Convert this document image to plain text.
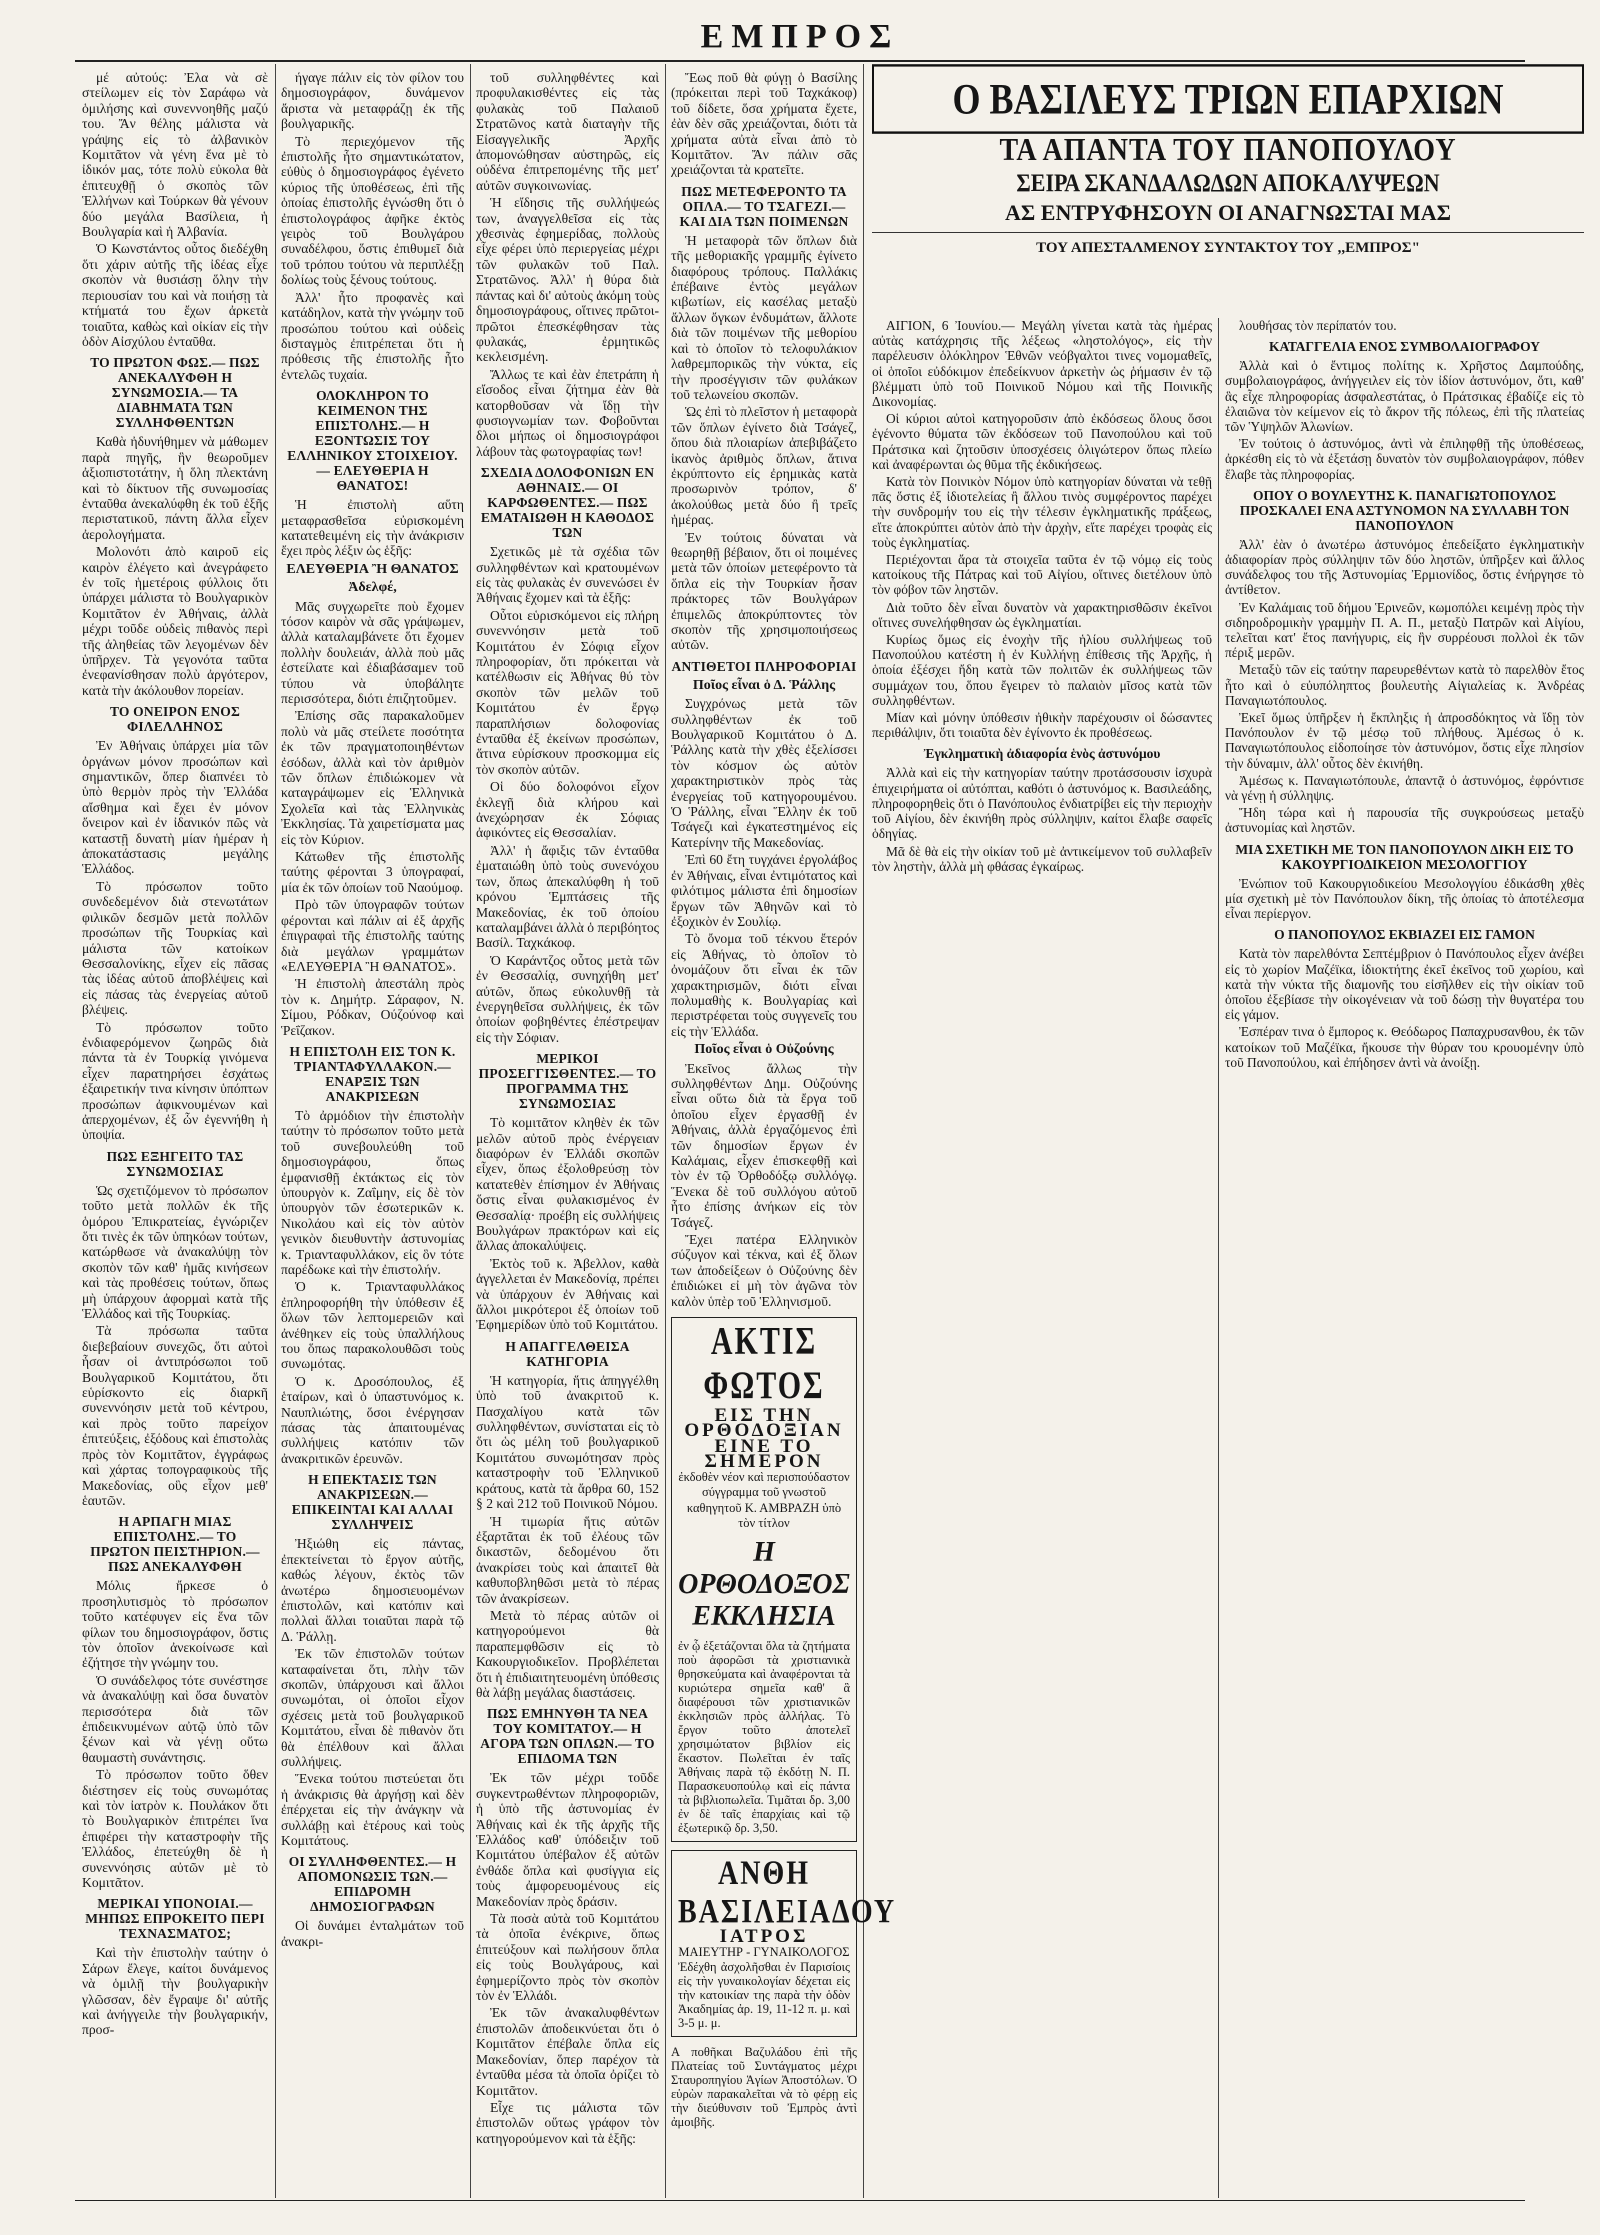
ΕΜΠΡΟΣ

μέ αὐτούς: Ἐλα νὰ σὲ στείλωμεν εἰς τὸν Σαράφω νὰ ὁμιλήσης καὶ συνεννοηθῆς μαζύ του. Ἄν θέλης μάλιστα νὰ γράψης εἰς τὸ ἀλβανικὸν Κομιτᾶτον νὰ γένη ἕνα μὲ τὸ ἰδικόν μας, τότε πολὺ εὐκολα θὰ ἐπιτευχθῇ ὁ σκοπὸς τῶν Ἑλλήνων καὶ Τούρκων θὰ γένουν δύο μεγάλα Βασίλεια, ἡ Βουλγαρία καὶ ἡ Ἀλβανία.

Ὁ Κωνστάντος οὗτος διεδέχθη ὅτι χάριν αὐτῆς τῆς ἰδέας εἶχε σκοπὸν νὰ θυσιάσῃ ὅλην τὴν περιουσίαν του καὶ νὰ ποιήσῃ τὰ κτήματά του ἔχων ἀρκετὰ τοιαῦτα, καθὼς καὶ οἰκίαν εἰς τὴν ὁδὸν Αἰσχύλου ἐνταῦθα.

ΤΟ ΠΡΩΤΟΝ ΦΩΣ.— ΠΩΣ ΑΝΕΚΑΛΥΦΘΗ Η ΣΥΝΩΜΟΣΙΑ.— ΤΑ ΔΙΑΒΗΜΑΤΑ ΤΩΝ ΣΥΛΛΗΦΘΕΝΤΩΝ

Καθὰ ἠδυνήθημεν νὰ μάθωμεν παρὰ πηγῆς, ἣν θεωροῦμεν ἀξιοπιστοτάτην, ἡ ὅλη πλεκτάνη καὶ τὸ δίκτυον τῆς συνωμοσίας ἐνταῦθα ἀνεκαλύφθη ἐκ τοῦ ἑξῆς περιστατικοῦ, πάντη ἄλλα εἶχεν ἀερολογήματα.

Μολονότι ἀπὸ καιροῦ εἰς καιρὸν ἐλέγετο καὶ ἀνεγράφετο ἐν τοῖς ἡμετέροις φύλλοις ὅτι ὑπάρχει μάλιστα τὸ Βουλγαρικὸν Κομιτᾶτον ἐν Ἀθήναις, ἀλλὰ μέχρι τοῦδε οὐδεὶς πιθανὸς περὶ τῆς ἀληθείας τῶν λεγομένων δὲν ὑπῆρχεν. Τὰ γεγονότα ταῦτα ἐνεφανίσθησαν πολὺ ἀργότερον, κατὰ τὴν ἀκόλουθον πορείαν.

ΤΟ ΟΝΕΙΡΟΝ ΕΝΟΣ ΦΙΛΕΛΛΗΝΟΣ

Ἐν Ἀθήναις ὑπάρχει μία τῶν ὀργάνων μόνον προσώπων καὶ σημαντικῶν, ὅπερ διαπνέει τὸ ὑπὸ θερμὸν πρὸς τὴν Ἑλλάδα αἴσθημα καὶ ἔχει ἐν μόνον ὄνειρον καὶ ἐν ἰδανικόν πῶς νὰ καταστῇ δυνατὴ μίαν ἡμέραν ἡ ἀποκατάστασις μεγάλης Ἑλλάδος.

Τὸ πρόσωπον τοῦτο συνδεδεμένον διὰ στενωτάτων φιλικῶν δεσμῶν μετὰ πολλῶν προσώπων τῆς Τουρκίας καὶ μάλιστα τῶν κατοίκων Θεσσαλονίκης, εἶχεν εἰς πᾶσας τὰς ἰδέας αὐτοῦ ἀποβλέψεις καὶ εἰς πάσας τὰς ἐνεργείας αὐτοῦ βλέψεις.

Τὸ πρόσωπον τοῦτο ἐνδιαφερόμενον ζωηρῶς διὰ πάντα τὰ ἐν Τουρκίᾳ γινόμενα εἶχεν παρατηρήσει ἐσχάτως ἐξαιρετικήν τινα κίνησιν ὑπόπτων προσώπων ἀφικνουμένων καὶ ἀπερχομένων, ἐξ ὧν ἐγεννήθη ἡ ὑποψία.

ΠΩΣ ΕΞΗΓΕΙΤΟ ΤΑΣ ΣΥΝΩΜΟΣΙΑΣ

Ὡς σχετιζόμενον τὸ πρόσωπον τοῦτο μετὰ πολλῶν ἐκ τῆς ὁμόρου Ἐπικρατείας, ἐγνώριζεν ὅτι τινὲς ἐκ τῶν ὑπηκόων τούτων, κατώρθωσε νὰ ἀνακαλύψῃ τὸν σκοπὸν τῶν καθ' ἡμᾶς κινήσεων καὶ τὰς προθέσεις τούτων, ὅπως μὴ ὑπάρχουν ἀφορμαὶ κατὰ τῆς Ἑλλάδος καὶ τῆς Τουρκίας.

Τὰ πρόσωπα ταῦτα διεβεβαίουν συνεχῶς, ὅτι αὐτοὶ ἦσαν οἱ ἀντιπρόσωποι τοῦ Βουλγαρικοῦ Κομιτάτου, ὅτι εὑρίσκοντο εἰς διαρκῆ συνεννόησιν μετὰ τοῦ κέντρου, καὶ πρὸς τοῦτο παρείχον ἐπιτεύξεις, ἐξόδους καὶ ἐπιστολὰς πρὸς τὸν Κομιτᾶτον, ἐγγράφως καὶ χάρτας τοπογραφικοὺς τῆς Μακεδονίας, οὓς εἶχον μεθ' ἑαυτῶν.

Η ΑΡΠΑΓΗ ΜΙΑΣ ΕΠΙΣΤΟΛΗΣ.— ΤΟ ΠΡΩΤΟΝ ΠΕΙΣΤΗΡΙΟΝ.— ΠΩΣ ΑΝΕΚΑΛΥΦΘΗ

Μόλις ἤρκεσε ὁ προσηλυτισμὸς τὸ πρόσωπον τοῦτο κατέφυγεν εἰς ἕνα τῶν φίλων του δημοσιογράφον, ὅστις τὸν ὁποῖον ἀνεκοίνωσε καὶ ἐζήτησε τὴν γνώμην του.

Ὁ συνάδελφος τότε συνέστησε νὰ ἀνακαλύψῃ καὶ ὅσα δυνατὸν περισσότερα διὰ τῶν ἐπιδεικνυμένων αὐτῷ ὑπὸ τῶν ξένων καὶ νὰ γένῃ οὕτω θαυμαστὴ συνάντησις.

Τὸ πρόσωπον τοῦτο ὅθεν διέστησεν εἰς τοὺς συνωμότας καὶ τὸν ἰατρὸν κ. Πουλάκον ὅτι τὸ Βουλγαρικὸν ἐπιτρέπει ἵνα ἐπιφέρει τὴν καταστροφὴν τῆς Ἑλλάδος, ἐπετεύχθη δὲ ἡ συνεννόησις αὐτῶν μὲ τὸ Κομιτᾶτον.

ΜΕΡΙΚΑΙ ΥΠΟΝΟΙΑΙ.— ΜΗΠΩΣ ΕΠΡΟΚΕΙΤΟ ΠΕΡΙ ΤΕΧΝΑΣΜΑΤΟΣ;

Καὶ τὴν ἐπιστολὴν ταύτην ὁ Σάρων ἔλεγε, καίτοι δυνάμενος νὰ ὁμιλῇ τὴν βουλγαρικὴν γλῶσσαν, δὲν ἔγραψε δι' αὐτῆς καὶ ἀνήγγειλε τὴν βουλγαρικήν, προσ-

ήγαγε πάλιν εἰς τὸν φίλον του δημοσιογράφον, δυνάμενον ἄριστα νὰ μεταφράζῃ ἐκ τῆς βουλγαρικῆς.

Τὸ περιεχόμενον τῆς ἐπιστολῆς ἦτο σημαντικώτατον, εὐθὺς ὁ δημοσιογράφος ἐγένετο κύριος τῆς ὑποθέσεως, ἐπὶ τῆς ὁποίας ἐπιστολῆς ἐγνώσθη ὅτι ὁ ἐπιστολογράφος ἀφῆκε ἐκτὸς γειρὸς τοῦ Βουλγάρου συναδέλφου, ὅστις ἐπιθυμεῖ διὰ τοῦ τρόπου τούτου νὰ περιπλέξῃ δολίως τοὺς ξένους τούτους.

Ἀλλ' ἦτο προφανὲς καὶ κατάδηλον, κατὰ τὴν γνώμην τοῦ προσώπου τούτου καὶ οὐδεὶς δισταγμὸς ἐπιτρέπεται ὅτι ἡ πρόθεσις τῆς ἐπιστολῆς ἦτο ἐντελῶς τυχαία.

ΟΛΟΚΛΗΡΟΝ ΤΟ ΚΕΙΜΕΝΟΝ ΤΗΣ ΕΠΙΣΤΟΛΗΣ.— Η ΕΞΟΝΤΩΣΙΣ ΤΟΥ ΕΛΛΗΝΙΚΟΥ ΣΤΟΙΧΕΙΟΥ.— ΕΛΕΥΘΕΡΙΑ Η ΘΑΝΑΤΟΣ!

Ἡ ἐπιστολὴ αὕτη μεταφρασθεῖσα εὐρισκομένη κατατεθειμένη εἰς τὴν ἀνάκρισιν ἔχει πρὸς λέξιν ὡς ἑξῆς:

ΕΛΕΥΘΕΡΙΑ Ἢ ΘΑΝΑΤΟΣ
Ἀδελφέ,

Μᾶς συγχωρεῖτε ποὺ ἔχομεν τόσον καιρὸν νὰ σᾶς γράψωμεν, ἀλλὰ καταλαμβάνετε ὅτι ἔχομεν πολλὴν δουλειάν, ἀλλὰ ποὺ μᾶς ἐστείλατε καὶ ἐδιαβάσαμεν τοῦ τύπου νὰ ὑποβάλητε περισσότερα, διότι ἐπιζητοῦμεν.

Ἐπίσης σᾶς παρακαλοῦμεν πολὺ νὰ μᾶς στείλετε ποσότητα ἐκ τῶν πραγματοποιηθέντων ἐσόδων, ἀλλὰ καὶ τὸν ἀριθμὸν τῶν ὅπλων ἐπιδιώκομεν νὰ καταγράψωμεν εἰς Ἑλληνικὰ Σχολεῖα καὶ τὰς Ἑλληνικὰς Ἐκκλησίας. Τὰ χαιρετίσματα μας εἰς τὸν Κύριον.

Κάτωθεν τῆς ἐπιστολῆς ταύτης φέρονται 3 ὑπογραφαί, μία ἐκ τῶν ὁποίων τοῦ Ναούμοφ.

Πρὸ τῶν ὑπογραφῶν τούτων φέρονται καὶ πάλιν αἱ ἐξ ἀρχῆς ἐπιγραφαὶ τῆς ἐπιστολῆς ταύτης διὰ μεγάλων γραμμάτων «ΕΛΕΥΘΕΡΙΑ Ἢ ΘΑΝΑΤΟΣ».

Ἡ ἐπιστολὴ ἀπεστάλη πρὸς τὸν κ. Δημήτρ. Σάραφον, Ν. Σίμου, Ρόδκαν, Ούζούνοφ καὶ Ῥεΐζακον.

Η ΕΠΙΣΤΟΛΗ ΕΙΣ ΤΟΝ Κ. ΤΡΙΑΝΤΑΦΥΛΛΑΚΟΝ.— ΕΝΑΡΞΙΣ ΤΩΝ ΑΝΑΚΡΙΣΕΩΝ

Τὸ ἀρμόδιον τὴν ἐπιστολὴν ταύτην τὸ πρόσωπον τοῦτο μετὰ τοῦ συνεβουλεύθη τοῦ δημοσιογράφου, ὅπως ἐμφανισθῇ ἐκτάκτως εἰς τὸν ὑπουργὸν κ. Ζαΐμην, εἰς δὲ τὸν ὑπουργὸν τῶν ἐσωτερικῶν κ. Νικολάου καὶ εἰς τὸν αὐτὸν γενικὸν διευθυντὴν ἀστυνομίας κ. Τριανταφυλλάκον, εἰς ὃν τότε παρέδωκε καὶ τὴν ἐπιστολήν.

Ὁ κ. Τριανταφυλλάκος ἐπληροφορήθη τὴν ὑπόθεσιν ἐξ ὅλων τῶν λεπτομερειῶν καὶ ἀνέθηκεν εἰς τοὺς ὑπαλλήλους του ὅπως παρακολουθῶσι τοὺς συνωμότας.

Ὁ κ. Δροσόπουλος, ἐξ ἑταίρων, καὶ ὁ ὑπαστυνόμος κ. Ναυπλιώτης, ὅσοι ἐνέργησαν πάσας τὰς ἀπαιτουμένας συλλήψεις κατόπιν τῶν ἀνακριτικῶν ἐρευνῶν.

Η ΕΠΕΚΤΑΣΙΣ ΤΩΝ ΑΝΑΚΡΙΣΕΩΝ.— ΕΠΙΚΕΙΝΤΑΙ ΚΑΙ ΑΛΛΑΙ ΣΥΛΛΗΨΕΙΣ

Ἠξιώθη εἰς πάντας, ἐπεκτείνεται τὸ ἔργον αὐτῆς, καθώς λέγουν, ἐκτὸς τῶν ἀνωτέρω δημοσιευομένων ἐπιστολῶν, καὶ κατόπιν καὶ πολλαὶ ἄλλαι τοιαῦται παρὰ τῷ Δ. Ῥάλλῃ.

Ἐκ τῶν ἐπιστολῶν τούτων καταφαίνεται ὅτι, πλὴν τῶν σκοπῶν, ὑπάρχουσι καὶ ἄλλοι συνωμόται, οἱ ὁποῖοι εἶχον σχέσεις μετὰ τοῦ βουλγαρικοῦ Κομιτάτου, εἶναι δὲ πιθανὸν ὅτι θὰ ἐπέλθουν καὶ ἄλλαι συλλήψεις.

Ἕνεκα τούτου πιστεύεται ὅτι ἡ ἀνάκρισις θὰ ἀργήσῃ καὶ δὲν ἐπέρχεται εἰς τὴν ἀνάγκην νὰ συλλάβῃ καὶ ἑτέρους καὶ τοὺς Κομιτάτους.

ΟΙ ΣΥΛΛΗΦΘΕΝΤΕΣ.— Η ΑΠΟΜΟΝΩΣΙΣ ΤΩΝ.— ΕΠΙΔΡΟΜΗ ΔΗΜΟΣΙΟΓΡΑΦΩΝ

Οἱ δυνάμει ἐνταλμάτων τοῦ ἀνακρι-

τοῦ συλληφθέντες καὶ προφυλακισθέντες εἰς τὰς φυλακὰς τοῦ Παλαιοῦ Στρατῶνος κατὰ διαταγὴν τῆς Εἰσαγγελικῆς Ἀρχῆς ἀπομονώθησαν αὐστηρῶς, εἰς οὐδένα ἐπιτρεπομένης τῆς μετ' αὐτῶν συγκοινωνίας.

Ἡ εἴδησις τῆς συλλήψεώς των, ἀναγγελθεῖσα εἰς τὰς χθεσινὰς ἐφημερίδας, πολλοὺς εἶχε φέρει ὑπὸ περιεργείας μέχρι τῶν φυλακῶν τοῦ Παλ. Στρατῶνος. Ἀλλ' ἡ θύρα διὰ πάντας καὶ δι' αὐτοὺς ἀκόμη τοὺς δημοσιογράφους, οἵτινες πρῶτοι-πρῶτοι ἐπεσκέφθησαν τὰς φυλακάς, ἐρμητικῶς κεκλεισμένη.

Ἄλλως τε καὶ ἐὰν ἐπετράπη ἡ εἴσοδος εἶναι ζήτημα ἐὰν θὰ κατορθοῦσαν νὰ ἴδῃ τὴν φυσιογνωμίαν των. Φοβοῦνται δλοι μήπως οἱ δημοσιογράφοι λάβουν τὰς φωτογραφίας των!

ΣΧΕΔΙΑ ΔΟΛΟΦΟΝΙΩΝ ΕΝ ΑΘΗΝΑΙΣ.— ΟΙ ΚΑΡΦΩΘΕΝΤΕΣ.— ΠΩΣ ΕΜΑΤΑΙΩΘΗ Η ΚΑΘΟΔΟΣ ΤΩΝ

Σχετικῶς μὲ τὰ σχέδια τῶν συλληφθέντων καὶ κρατουμένων εἰς τὰς φυλακὰς ἐν συνενώσει ἐν Ἀθήναις ἔχομεν καὶ τὰ ἑξῆς:

Οὗτοι εὑρισκόμενοι εἰς πλήρη συνεννόησιν μετὰ τοῦ Κομιτάτου ἐν Σόφιᾳ εἶχον πληροφορίαν, ὅτι πρόκειται νὰ κατέλθωσιν εἰς Ἀθήνας θύ τὸν σκοπὸν τῶν μελῶν τοῦ Κομιτάτου ἐν ἔργῳ παραπλήσιων δολοφονίας ἐνταῦθα ἐξ ἐκείνων προσώπων, ἅτινα εὑρίσκουν προσκομμα εἰς τὸν σκοπὸν αὐτῶν.

Οἱ δύο δολοφόνοι εἶχον ἐκλεγῇ διὰ κλήρου καὶ ἀνεχώρησαν ἐκ Σόφιας ἀφικόντες εἰς Θεσσαλίαν.

Ἀλλ' ἡ ἄφιξις τῶν ἐνταῦθα ἐματαιώθη ὑπὸ τοὺς συνενόχου των, ὅπως ἀπεκαλύφθη ἡ τοῦ κρόνου Ἑμπτάσεις τῆς Μακεδονίας, ἐκ τοῦ ὁποίου καταλαμβάνει ἀλλὰ ὁ περιβόητος Βασίλ. Ταχκάκοφ.

Ὁ Καράντζος οὗτος μετὰ τῶν ἐν Θεσσαλίᾳ, συνηχήθη μετ' αὐτῶν, ὅπως εὐκολυνθῇ τὰ ἐνεργηθεῖσα συλλήψεις, ἐκ τῶν ὁποίων φοβηθέντες ἐπέστρεψαν εἰς τὴν Σόφιαν.

ΜΕΡΙΚΟΙ ΠΡΟΣΕΓΓΙΣΘΕΝΤΕΣ.— ΤΟ ΠΡΟΓΡΑΜΜΑ ΤΗΣ ΣΥΝΩΜΟΣΙΑΣ

Τὸ κομιτᾶτον κληθὲν ἐκ τῶν μελῶν αὐτοῦ πρὸς ἐνέργειαν διαφόρων ἐν Ἑλλάδι σκοπῶν εἶχεν, ὅπως ἐξολοθρεύσῃ τὸν κατατεθὲν ἐπίσημον ἐν Ἀθήναις ὅστις εἶναι φυλακισμένος ἐν Θεσσαλίᾳ· προέβη εἰς συλλήψεις Βουλγάρων πρακτόρων καὶ εἰς ἄλλας ἀποκαλύψεις.

Ἐκτὸς τοῦ κ. Ἀβελλον, καθὰ ἀγγελλεται ἐν Μακεδονίᾳ, πρέπει νὰ ὑπάρχουν ἐν Ἀθήναις καὶ ἄλλοι μικρότεροι ἐξ ὁποίων τοῦ Ἐφημερίδων ὑπὸ τοῦ Κομιτάτου.

Η ΑΠΑΓΓΕΛΘΕΙΣΑ ΚΑΤΗΓΟΡΙΑ

Ἡ κατηγορία, ἥτις ἀπηγγέλθη ὑπὸ τοῦ ἀνακριτοῦ κ. Πασχαλίγου κατὰ τῶν συλληφθέντων, συνίσταται εἰς τὸ ὅτι ὡς μέλη τοῦ βουλγαρικοῦ Κομιτάτου συνωμότησαν πρὸς καταστροφὴν τοῦ Ἑλληνικοῦ κράτους, κατὰ τὰ ἄρθρα 60, 152 § 2 καὶ 212 τοῦ Ποινικοῦ Νόμου.

Ἡ τιμωρία ἥτις αὐτῶν ἐξαρτᾶται ἐκ τοῦ ἐλέους τῶν δικαστῶν, δεδομένου ὅτι ἀνακρίσει τοὺς καὶ ἀπαιτεῖ θὰ καθυποβληθῶσι μετὰ τὸ πέρας τῶν ἀνακρίσεων.

Μετὰ τὸ πέρας αὐτῶν οἱ κατηγορούμενοι θὰ παραπεμφθῶσιν εἰς τὸ Κακουργιοδικεῖον. Προβλέπεται ὅτι ἡ ἐπιδιαιτητευομένη ὑπόθεσις θὰ λάβῃ μεγάλας διαστάσεις.

ΠΩΣ ΕΜΗΝΥΘΗ ΤΑ ΝΕΑ ΤΟΥ ΚΟΜΙΤΑΤΟΥ.— Η ΑΓΟΡΑ ΤΩΝ ΟΠΛΩΝ.— ΤΟ ΕΠΙΔΟΜΑ ΤΩΝ

Ἐκ τῶν μέχρι τοῦδε συγκεντρωθέντων πληροφοριῶν, ἡ ὑπὸ τῆς ἀστυνομίας ἐν Ἀθήναις καὶ ἐκ τῆς ἀρχῆς τῆς Ἑλλάδος καθ' ὑπόδειξιν τοῦ Κομιτάτου ὑπέβαλον ἐξ αὐτῶν ἐνθάδε ὅπλα καὶ φυσίγγια εἰς τοὺς ἀμφορευομένους εἰς Μακεδονίαν πρὸς δράσιν.

Τὰ ποσὰ αὐτὰ τοῦ Κομιτάτου τὰ ὁποῖα ἐνέκρινε, ὅπως ἐπιτεύξουν καὶ πωλήσουν ὅπλα εἰς τοὺς Βουλγάρους, καὶ ἐφημερίζοντο πρὸς τὸν σκοπὸν τὸν ἐν Ἑλλάδι.

Ἐκ τῶν ἀνακαλυφθέντων ἐπιστολῶν ἀποδεικνύεται ὅτι ὁ Κομιτᾶτον ἐπέβαλε ὅπλα εἰς Μακεδονίαν, ὅπερ παρέχον τὰ ἐνταῦθα μέσα τὰ ὁποῖα ὀρίζει τὸ Κομιτᾶτον.

Εἶχε τις μάλιστα τῶν ἐπιστολῶν οὕτως γράφον τὸν κατηγορούμενον καὶ τὰ ἑξῆς:

Ἔως ποῦ θὰ φύγῃ ὁ Βασίλης (πρόκειται περὶ τοῦ Ταχκάκοφ) τοῦ δίδετε, ὅσα χρήματα ἔχετε, ἐὰν δὲν σᾶς χρειάζονται, διότι τὰ χρήματα αὐτὰ εἶναι ἀπὸ τὸ Κομιτᾶτον. Ἄν πάλιν σᾶς χρειάζονται τὰ κρατεῖτε.

ΠΩΣ ΜΕΤΕΦΕΡΟΝΤΟ ΤΑ ΟΠΛΑ.— ΤΟ ΤΣΑΓΕΖΙ.— ΚΑΙ ΔΙΑ ΤΩΝ ΠΟΙΜΕΝΩΝ

Ἡ μεταφορὰ τῶν ὅπλων διὰ τῆς μεθοριακῆς γραμμῆς ἐγίνετο διαφόρους τρόπους. Παλλάκις ἐπέβαινε ἐντὸς μεγάλων κιβωτίων, εἰς κασέλας μεταξὺ ἄλλων ὄγκων ἐνδυμάτων, ἄλλοτε διὰ τῶν ποιμένων τῆς μεθορίου καὶ τὸ ὁποῖον τὸ τελοφυλάκιον λαθρεμπορικῶς τὴν νύκτα, εἰς τὴν προσέγγισιν τῶν φυλάκων τοῦ τελωνείου σκοπῶν.

Ὡς ἐπὶ τὸ πλεῖστον ἡ μεταφορὰ τῶν ὅπλων ἐγίνετο διὰ Τσάγεζ, ὅπου διὰ πλοιαρίων ἀπεβιβάζετο ἱκανὸς ἀριθμὸς ὅπλων, ἅτινα ἐκρύπτοντο εἰς ἐρημικὰς κατὰ προσωρινὸν τρόπον, δ' ἀκολούθως μετὰ δύο ἢ τρεῖς ἡμέρας.

Ἐν τούτοις δύναται νὰ θεωρηθῇ βέβαιον, ὅτι οἱ ποιμένες μετὰ τῶν ὁποίων μετεφέροντο τὰ ὅπλα εἰς τὴν Τουρκίαν ἦσαν πράκτορες τῶν Βουλγάρων ἐπιμελῶς ἀποκρύπτοντες τὸν σκοπὸν τῆς χρησιμοποιήσεως αὐτῶν.

ΑΝΤΙΘΕΤΟΙ ΠΛΗΡΟΦΟΡΙΑΙ
Ποῖος εἶναι ὁ Δ. Ῥάλλης

Συγχρόνως μετὰ τῶν συλληφθέντων ἐκ τοῦ Βουλγαρικοῦ Κομιτάτου ὁ Δ. Ῥάλλης κατὰ τὴν χθὲς ἐξελίσσει τὸν κόσμον ὡς αὐτὸν χαρακτηριστικὸν πρὸς τὰς ἐνεργείας τοῦ κατηγορουμένου. Ὁ Ῥάλλης, εἶναι Ἕλλην ἐκ τοῦ Τσάγεζι καὶ ἐγκατεστημένος εἰς Κατερίνην τῆς Μακεδονίας.

Ἐπὶ 60 ἔτη τυγχάνει ἐργολάβος ἐν Ἀθήναις, εἶναι ἐντιμότατος καὶ φιλότιμος μάλιστα ἐπὶ δημοσίων ἔργων τῶν Ἀθηνῶν καὶ τὸ ἐξοχικὸν ἐν Σουλίῳ.

Τὸ ὄνομα τοῦ τέκνου ἔτερόν εἰς Ἀθήνας, τὸ ὁποῖον τὸ ὀνομάζουν ὅτι εἶναι ἐκ τῶν χαρακτηρισμῶν, διότι εἶναι πολυμαθὴς κ. Βουλγαρίας καὶ περιστρέφεται τοὺς συγγενεῖς του εἰς τὴν Ἑλλάδα.

Ποῖος εἶναι ὁ Οὐζούνης

Ἐκεῖνος ἄλλως τὴν συλληφθέντων Δημ. Οὐζούνης εἶναι οὕτω διὰ τὰ ἔργα τοῦ ὁποῖου εἶχεν ἐργασθῇ ἐν Ἀθήναις, ἀλλὰ ἐργαζόμενος ἐπὶ τῶν δημοσίων ἔργων ἐν Καλάμαις, εἶχεν ἐπισκεφθῇ καὶ τὸν ἐν τῷ Ὀρθοδόξῳ συλλόγῳ. Ἕνεκα δὲ τοῦ συλλόγου αὐτοῦ ἦτο ἐπίσης ἀνήκων εἰς τὸν Τσάγεζ.

Ἔχει πατέρα Ελληνικὸν σύζυγον καὶ τέκνα, καὶ ἐξ ὅλων των ἀποδείξεων ὁ Οὐζούνης δὲν ἐπιδιώκει εἰ μὴ τὸν ἀγῶνα τὸν καλὸν ὑπὲρ τοῦ Ἑλληνισμοῦ.

ΑΚΤΙΣ ΦΩΤΟΣ
ΕΙΣ ΤΗΝ ΟΡΘΟΔΟΞΙΑΝ
ΕΙΝΕ ΤΟ ΣΗΜΕΡΟΝ
ἐκδοθὲν νέον καὶ περισπούδαστον σύγγραμμα τοῦ γνωστοῦ καθηγητοῦ Κ. ΑΜΒΡΑΖΗ ὑπὸ τὸν τίτλον
Η ΟΡΘΟΔΟΞΟΣ ΕΚΚΛΗΣΙΑ
ἐν ᾧ ἐξετάζονται ὅλα τὰ ζητήματα ποὺ ἀφορῶσι τὰ χριστιανικὰ θρησκεύματα καὶ ἀναφέρονται τὰ κυριώτερα σημεῖα καθ' ἃ διαφέρουσι τῶν χριστιανικῶν ἐκκλησιῶν πρὸς ἀλλήλας. Τὸ ἔργον τοῦτο ἀποτελεῖ χρησιμώτατον βιβλίον εἰς ἕκαστον. Πωλεῖται ἐν ταῖς Ἀθήναις παρὰ τῷ ἐκδότῃ Ν. Π. Παρασκευοπούλῳ καὶ εἰς πάντα τὰ βιβλιοπωλεῖα. Τιμᾶται δρ. 3,00 ἐν δὲ ταῖς ἐπαρχίαις καὶ τῷ ἐξωτερικῷ δρ. 3,50.
ΑΝΘΗ ΒΑΣΙΛΕΙΑΔΟΥ
ΙΑΤΡΟΣ
ΜΑΙΕΥΤΗΡ - ΓΥΝΑΙΚΟΛΟΓΟΣ
Ἐδέχθη ἀσχολῆσθαι ἐν Παρισίοις εἰς τὴν γυναικολογίαν δέχεται εἰς τὴν κατοικίαν της παρὰ τὴν ὁδὸν Ἀκαδημίας ἀρ. 19, 11-12 π. μ. καὶ 3-5 μ. μ.
Α ποθῆκαι Βαζυλάδου ἐπὶ τῆς Πλατείας τοῦ Συντάγματος μέχρι Σταυροπηγίου Ἁγίων Ἀποστόλων. Ὁ εὑρὼν παρακαλεῖται νὰ τὸ φέρῃ εἰς τὴν διεύθυνσιν τοῦ Ἐμπρὸς ἀντὶ ἀμοιβῆς.
Ο ΒΑΣΙΛΕΥΣ ΤΡΙΩΝ ΕΠΑΡΧΙΩΝ
ΤΑ ΑΠΑΝΤΑ ΤΟΥ ΠΑΝΟΠΟΥΛΟΥ
ΣΕΙΡΑ ΣΚΑΝΔΑΛΩΔΩΝ ΑΠΟΚΑΛΥΨΕΩΝ
ΑΣ ΕΝΤΡΥΦΗΣΟΥΝ ΟΙ ΑΝΑΓΝΩΣΤΑΙ ΜΑΣ
ΤΟΥ ΑΠΕΣΤΑΛΜΕΝΟΥ ΣΥΝΤΑΚΤΟΥ ΤΟΥ ,,ΕΜΠΡΟΣ"

ΑΙΓΙΟΝ, 6 Ἰουνίου.— Μεγάλη γίνεται κατὰ τὰς ἡμέρας αὐτὰς κατάχρησις τῆς λέξεως «ληστολόγος», εἰς τὴν παρέλευσιν ὁλόκληρον Ἑθνῶν νεόβγαλτοι τινες νομομαθεῖς, οἱ ὁποῖοι εὐδόκιμον ἐπεδείκνυον ἀρκετὴν ὡς ῥήμασιν ἐν τῷ βλέμματι ὑπὸ τοῦ Ποινικοῦ Νόμου καὶ τῆς Ποινικῆς Δικονομίας.

Οἱ κύριοι αὐτοὶ κατηγοροῦσιν ἀπὸ ἐκδόσεως ὅλους ὅσοι ἐγένοντο θύματα τῶν ἐκδόσεων τοῦ Πανοπούλου καὶ τοῦ Πράτσικα καὶ ζητοῦσιν ὑποσχέσεις ὀλιγώτερον ὅπως πλείω καὶ ἀναφέρωνται ὡς θῦμα τῆς ἐκδικήσεως.

Κατὰ τὸν Ποινικὸν Νόμον ὑπὸ κατηγορίαν δύναται νὰ τεθῇ πᾶς ὅστις ἐξ ἰδιοτελείας ἢ ἄλλου τινὸς συμφέροντος παρέχει τὴν συνδρομήν του εἰς τὴν τέλεσιν ἐγκληματικῆς πράξεως, εἴτε ἀποκρύπτει αὐτὸν ἀπὸ τὴν ἀρχὴν, εἴτε παρέχει τροφὰς εἰς τοὺς ἐγκληματίας.

Περιέχονται ἄρα τὰ στοιχεῖα ταῦτα ἐν τῷ νόμῳ εἰς τοὺς κατοίκους τῆς Πάτρας καὶ τοῦ Αἰγίου, οἵτινες διετέλουν ὑπὸ τὸν φόβον τῶν ληστῶν.

Διὰ τοῦτο δὲν εἶναι δυνατὸν νὰ χαρακτηρισθῶσιν ἐκεῖνοι οἵτινες συνελήφθησαν ὡς ἐγκληματίαι.

Κυρίως ὅμως εἰς ἐνοχὴν τῆς ἡλίου συλλήψεως τοῦ Πανοπούλου κατέστη ἡ ἐν Κυλλήνῃ ἐπίθεσις τῆς Ἀρχῆς, ἡ ὁποία ἐξέσχει ἤδη κατὰ τῶν πολιτῶν ἐκ συλλήψεως τῶν συμμάχων του, ὅπου ἔγειρεν τὸ παλαιὸν μῖσος κατὰ τῶν συλληφθέντων.

Μίαν καὶ μόνην ὑπόθεσιν ἠθικὴν παρέχουσιν οἱ δώσαντες περιθάλψιν, ὅτι τοιαῦτα δὲν ἐγίνοντο ἐκ προθέσεως.

Ἐγκληματικὴ ἀδιαφορία ἑνὸς ἀστυνόμου

Ἀλλὰ καὶ εἰς τὴν κατηγορίαν ταύτην προτάσσουσιν ἰσχυρὰ ἐπιχειρήματα οἱ αὐτόπται, καθότι ὁ ἀστυνόμος κ. Βασιλεάδης, πληροφορηθεὶς ὅτι ὁ Πανόπουλος ἐνδιατρίβει εἰς τὴν περιοχὴν τοῦ Αἰγίου, δὲν ἐκινήθη πρὸς σύλληψιν, καίτοι ἔλαβε σαφεῖς ὁδηγίας.

Μᾶ δὲ θὰ εἰς τὴν οἰκίαν τοῦ μὲ ἀντικείμενον τοῦ συλλαβεῖν τὸν ληστὴν, ἀλλὰ μὴ φθάσας ἐγκαίρως.

λουθήσας τὸν περίπατόν του.

ΚΑΤΑΓΓΕΛΙΑ ΕΝΟΣ ΣΥΜΒΟΛΑΙΟΓΡΑΦΟΥ

Ἀλλὰ καὶ ὁ ἔντιμος πολίτης κ. Χρῆστος Δαμπούδης, συμβολαιογράφος, ἀνήγγειλεν εἰς τὸν ἰδίον ἀστυνόμον, ὅτι, καθ' ἃς εἶχε πληροφορίας ἀσφαλεστάτας, ὁ Πράτσικας ἐβαδίζε εἰς τὸ ἐλαιῶνα τὸν κείμενον εἰς τὸ ἄκρον τῆς πόλεως, ἐπὶ τῆς πλατείας τῶν Ὑψηλῶν Ἀλωνίων.

Ἐν τούτοις ὁ ἀστυνόμος, ἀντὶ νὰ ἐπιληφθῇ τῆς ὑποθέσεως, ἀρκέσθη εἰς τὸ νὰ ἐξετάσῃ δυνατὸν τὸν συμβολαιογράφον, πόθεν ἔλαβε τὰς πληροφορίας.

ΟΠΟΥ Ο ΒΟΥΛΕΥΤΗΣ Κ. ΠΑΝΑΓΙΩΤΟΠΟΥΛΟΣ ΠΡΟΣΚΑΛΕΙ ΕΝΑ ΑΣΤΥΝΟΜΟΝ ΝΑ ΣΥΛΛΑΒΗ ΤΟΝ ΠΑΝΟΠΟΥΛΟΝ

Ἀλλ' ἐὰν ὁ ἀνωτέρω ἀστυνόμος ἐπεδείξατο ἐγκληματικὴν ἀδιαφορίαν πρὸς σύλληψιν τῶν δύο ληστῶν, ὑπῆρξεν καὶ ἄλλος συνάδελφος του τῆς Ἀστυνομίας Ἐρμιονίδος, ὅστις ἐνήργησε τὸ ἀντίθετον.

Ἐν Καλάμαις τοῦ δήμου Ἑρινεῶν, κωμοπόλει κειμένῃ πρὸς τὴν σιδηροδρομικὴν γραμμὴν Π. Α. Π., μεταξὺ Πατρῶν καὶ Αἰγίου, τελεῖται κατ' ἔτος πανήγυρις, εἰς ἣν συρρέουσι πολλοὶ ἐκ τῶν πέριξ μερῶν.

Μεταξὺ τῶν εἰς ταύτην παρευρεθέντων κατὰ τὸ παρελθὸν ἔτος ἦτο καὶ ὁ εὐυπόληπτος βουλευτὴς Αἰγιαλείας κ. Ἀνδρέας Παναγιωτόπουλος.

Ἐκεῖ ὅμως ὑπῆρξεν ἡ ἔκπληξις ἡ ἀπροσδόκητος νὰ ἴδῃ τὸν Πανόπουλον ἐν τῷ μέσῳ τοῦ πλήθους. Ἀμέσως ὁ κ. Παναγιωτόπουλος εἰδοποίησε τὸν ἀστυνόμον, ὅστις εἶχε πλησίον τὴν δύναμιν, ἀλλ' οὗτος δὲν ἐκινήθη.

Ἀμέσως κ. Παναγιωτόπουλε, ἀπαντᾷ ὁ ἀστυνόμος, ἐφρόντισε νὰ γένῃ ἡ σύλληψις.

Ἤδη τώρα καὶ ἡ παρουσία τῆς συγκρούσεως μεταξὺ ἀστυνομίας καὶ ληστῶν.

ΜΙΑ ΣΧΕΤΙΚΗ ΜΕ ΤΟΝ ΠΑΝΟΠΟΥΛΟΝ ΔΙΚΗ ΕΙΣ ΤΟ ΚΑΚΟΥΡΓΙΟΔΙΚΕΙΟΝ ΜΕΣΟΛΟΓΓΙΟΥ

Ἐνώπιον τοῦ Κακουργιοδικείου Μεσολογγίου ἐδικάσθη χθὲς μία σχετικὴ μὲ τὸν Πανόπουλον δίκη, τῆς ὁποίας τὸ ἀποτέλεσμα εἶναι περίεργον.

Ο ΠΑΝΟΠΟΥΛΟΣ ΕΚΒΙΑΖΕΙ ΕΙΣ ΓΑΜΟΝ

Κατὰ τὸν παρελθόντα Σεπτέμβριον ὁ Πανόπουλος εἶχεν ἀνέβει εἰς τὸ χωρίον Μαζέϊκα, ἰδιοκτήτης ἐκεῖ ἐκεῖνος τοῦ χωρίου, καὶ κατὰ τὴν νύκτα τῆς διαμονῆς του εἰσῆλθεν εἰς τὴν οἰκίαν τοῦ ὁποῖου ἐξεβίασε τὴν οἰκογένειαν νὰ τοῦ δώσῃ τὴν θυγατέρα του εἰς γάμον.

Ἐσπέραν τινα ὁ ἔμπορος κ. Θεόδωρος Παπαχρυσανθου, ἐκ τῶν κατοίκων τοῦ Μαζέϊκα, ἤκουσε τὴν θύραν του κρουομένην ὑπὸ τοῦ Πανοπούλου, καὶ ἐπήδησεν ἀντὶ νὰ ἀνοίξῃ.
